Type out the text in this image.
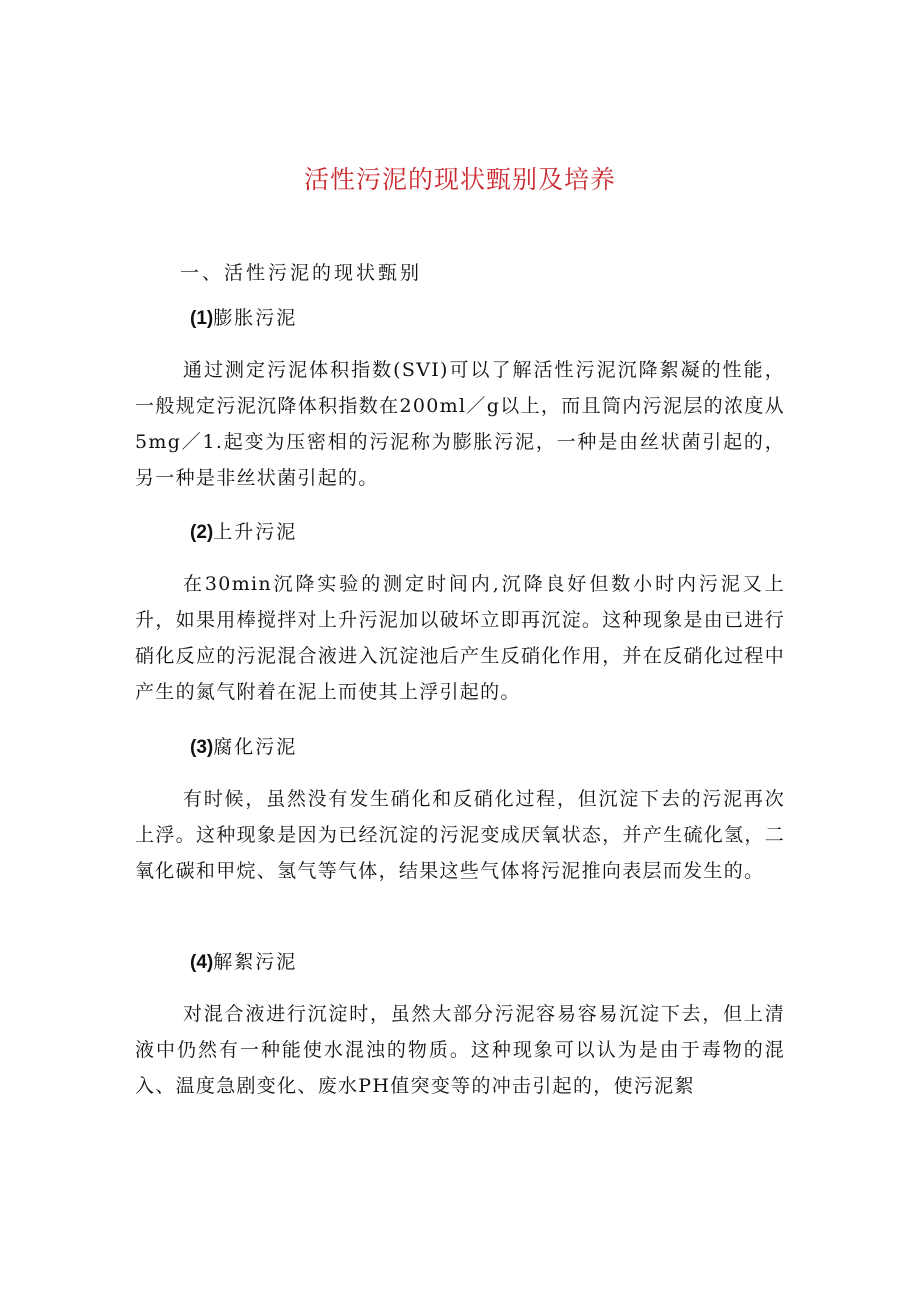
活性污泥的现状甄别及培养
一、活性污泥的现状甄别
(1)膨胀污泥
通过测定污泥体积指数(SVI)可以了解活性污泥沉降絮凝的性能，一般规定污泥沉降体积指数在200ml／g以上，而且筒内污泥层的浓度从5mg／1.起变为压密相的污泥称为膨胀污泥，一种是由丝状菌引起的，另一种是非丝状菌引起的。
(2)上升污泥
在30min沉降实验的测定时间内,沉降良好但数小时内污泥又上升，如果用棒搅拌对上升污泥加以破坏立即再沉淀。这种现象是由已进行硝化反应的污泥混合液进入沉淀池后产生反硝化作用，并在反硝化过程中产生的氮气附着在泥上而使其上浮引起的。
(3)腐化污泥
有时候，虽然没有发生硝化和反硝化过程，但沉淀下去的污泥再次上浮。这种现象是因为已经沉淀的污泥变成厌氧状态，并产生硫化氢，二氧化碳和甲烷、氢气等气体，结果这些气体将污泥推向表层而发生的。
(4)解絮污泥
对混合液进行沉淀时，虽然大部分污泥容易容易沉淀下去，但上清液中仍然有一种能使水混浊的物质。这种现象可以认为是由于毒物的混入、温度急剧变化、废水PH值突变等的冲击引起的，使污泥絮
